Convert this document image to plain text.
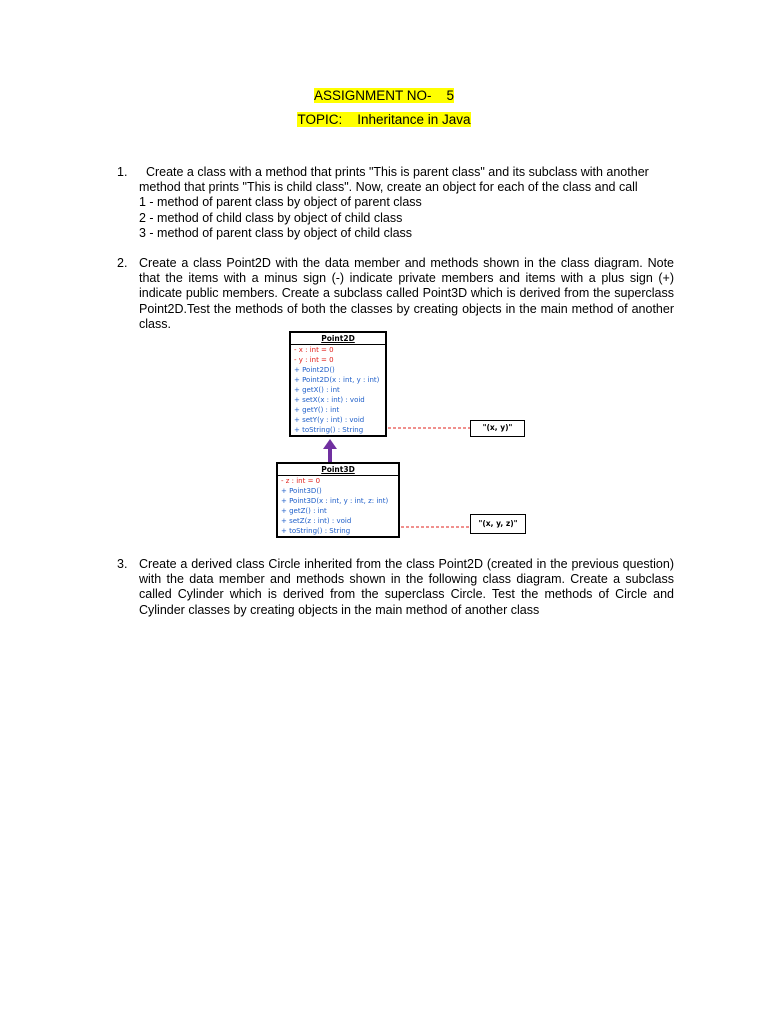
ASSIGNMENT NO-    5
TOPIC:    Inheritance in Java
1. Create a class with a method that prints "This is parent class" and its subclass with another
method that prints "This is child class". Now, create an object for each of the class and call
1 - method of parent class by object of parent class
2 - method of child class by object of child class
3 - method of parent class by object of child class
2. Create a class Point2D with the data member and methods shown in the class diagram. Note that the items with a minus sign (-) indicate private members and items with a plus sign (+) indicate public members. Create a subclass called Point3D which is derived from the superclass Point2D.Test the methods of both the classes by creating objects in the main method of another class.
Point2D
- x : int = 0
- y : int = 0
+ Point2D()
+ Point2D(x : int, y : int)
+ getX() : int
+ setX(x : int) : void
+ getY() : int
+ setY(y : int) : void
+ toString() : String
Point3D
- z : int = 0
+ Point3D()
+ Point3D(x : int, y : int, z: int)
+ getZ() : int
+ setZ(z : int) : void
+ toString() : String
"(x, y)"
"(x, y, z)"
3. Create a derived class Circle inherited from the class Point2D (created in the previous question) with the data member and methods shown in the following class diagram. Create a subclass called Cylinder which is derived from the superclass Circle. Test the methods of Circle and Cylinder classes by creating objects in the main method of another class
